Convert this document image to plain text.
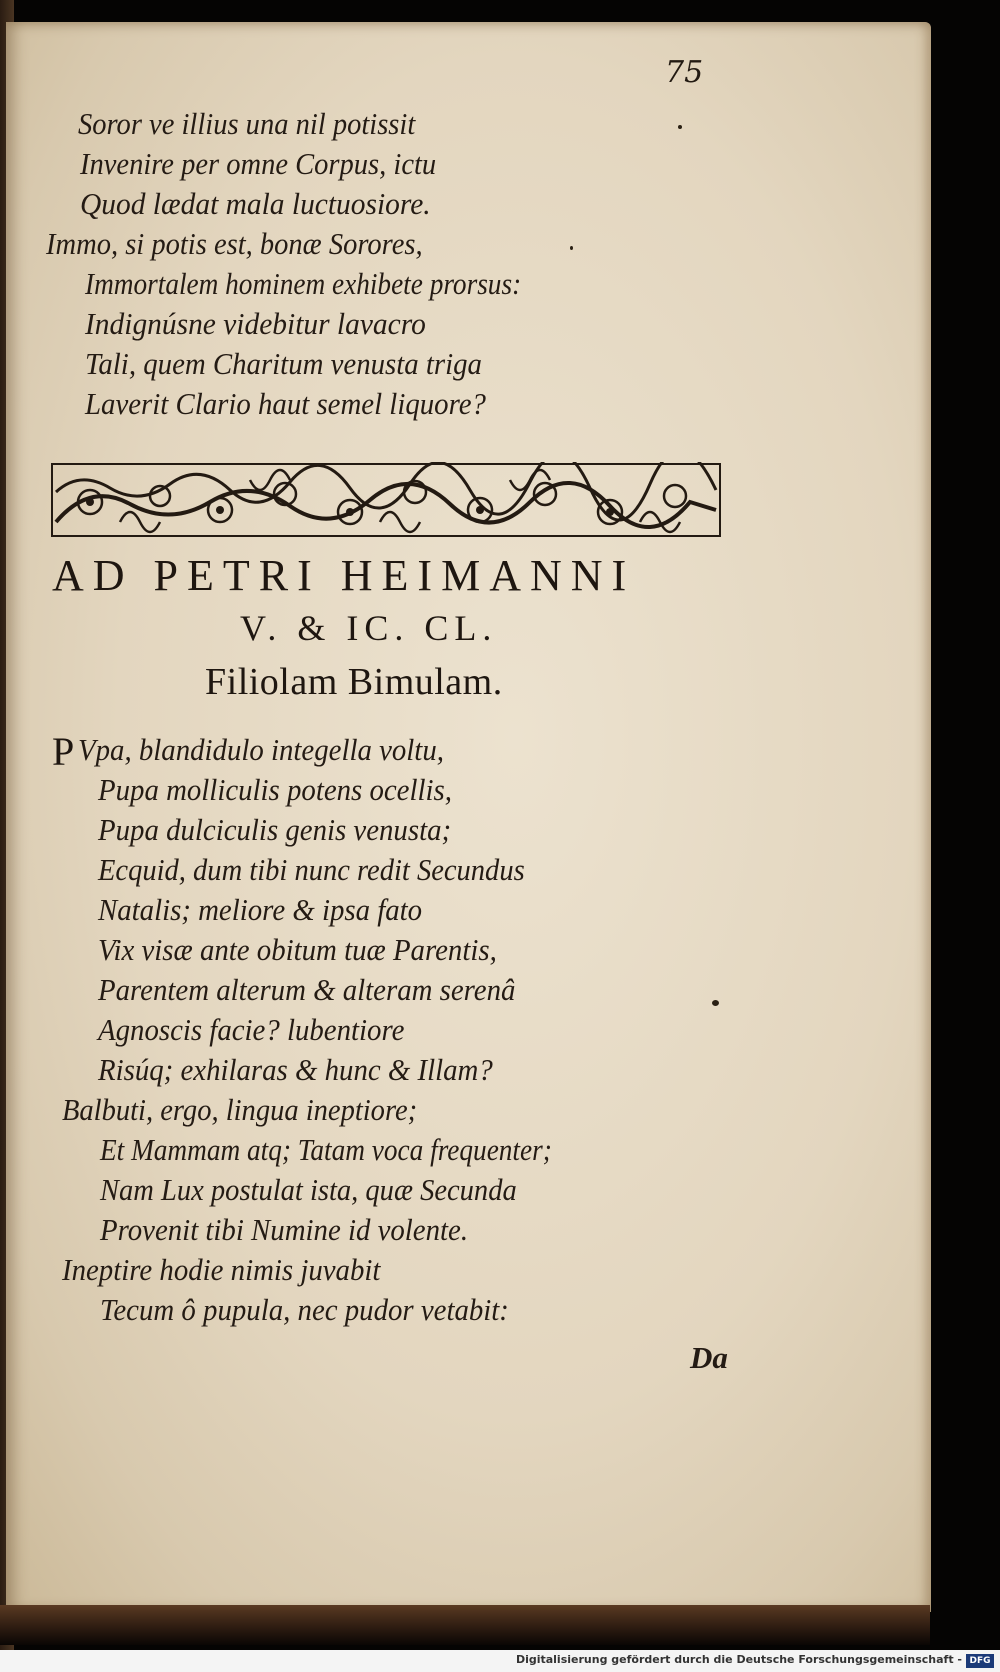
75
Soror ve illius una nil potissit
Invenire per omne Corpus, ictu
Quod lædat mala luctuosiore.
Immo, si potis est, bonæ Sorores,
Immortalem hominem exhibete prorsus:
Indignúsne videbitur lavacro
Tali, quem Charitum venusta triga
Laverit Clario haut semel liquore?
AD PETRI HEIMANNI
V. & IC. CL.
Filiolam Bimulam.
P Vpa, blandidulo integella voltu,
Pupa molliculis potens ocellis,
Pupa dulciculis genis venusta;
Ecquid, dum tibi nunc redit Secundus
Natalis; meliore & ipsa fato
Vix visæ ante obitum tuæ Parentis,
Parentem alterum & alteram serenâ
Agnoscis facie? lubentiore
Risúq; exhilaras & hunc & Illam?
Balbuti, ergo, lingua ineptiore;
Et Mammam atq; Tatam voca frequenter;
Nam Lux postulat ista, quæ Secunda
Provenit tibi Numine id volente.
Ineptire hodie nimis juvabit
Tecum ô pupula, nec pudor vetabit:
Da
Digitalisierung gefördert durch die Deutsche Forschungsgemeinschaft - DFG
